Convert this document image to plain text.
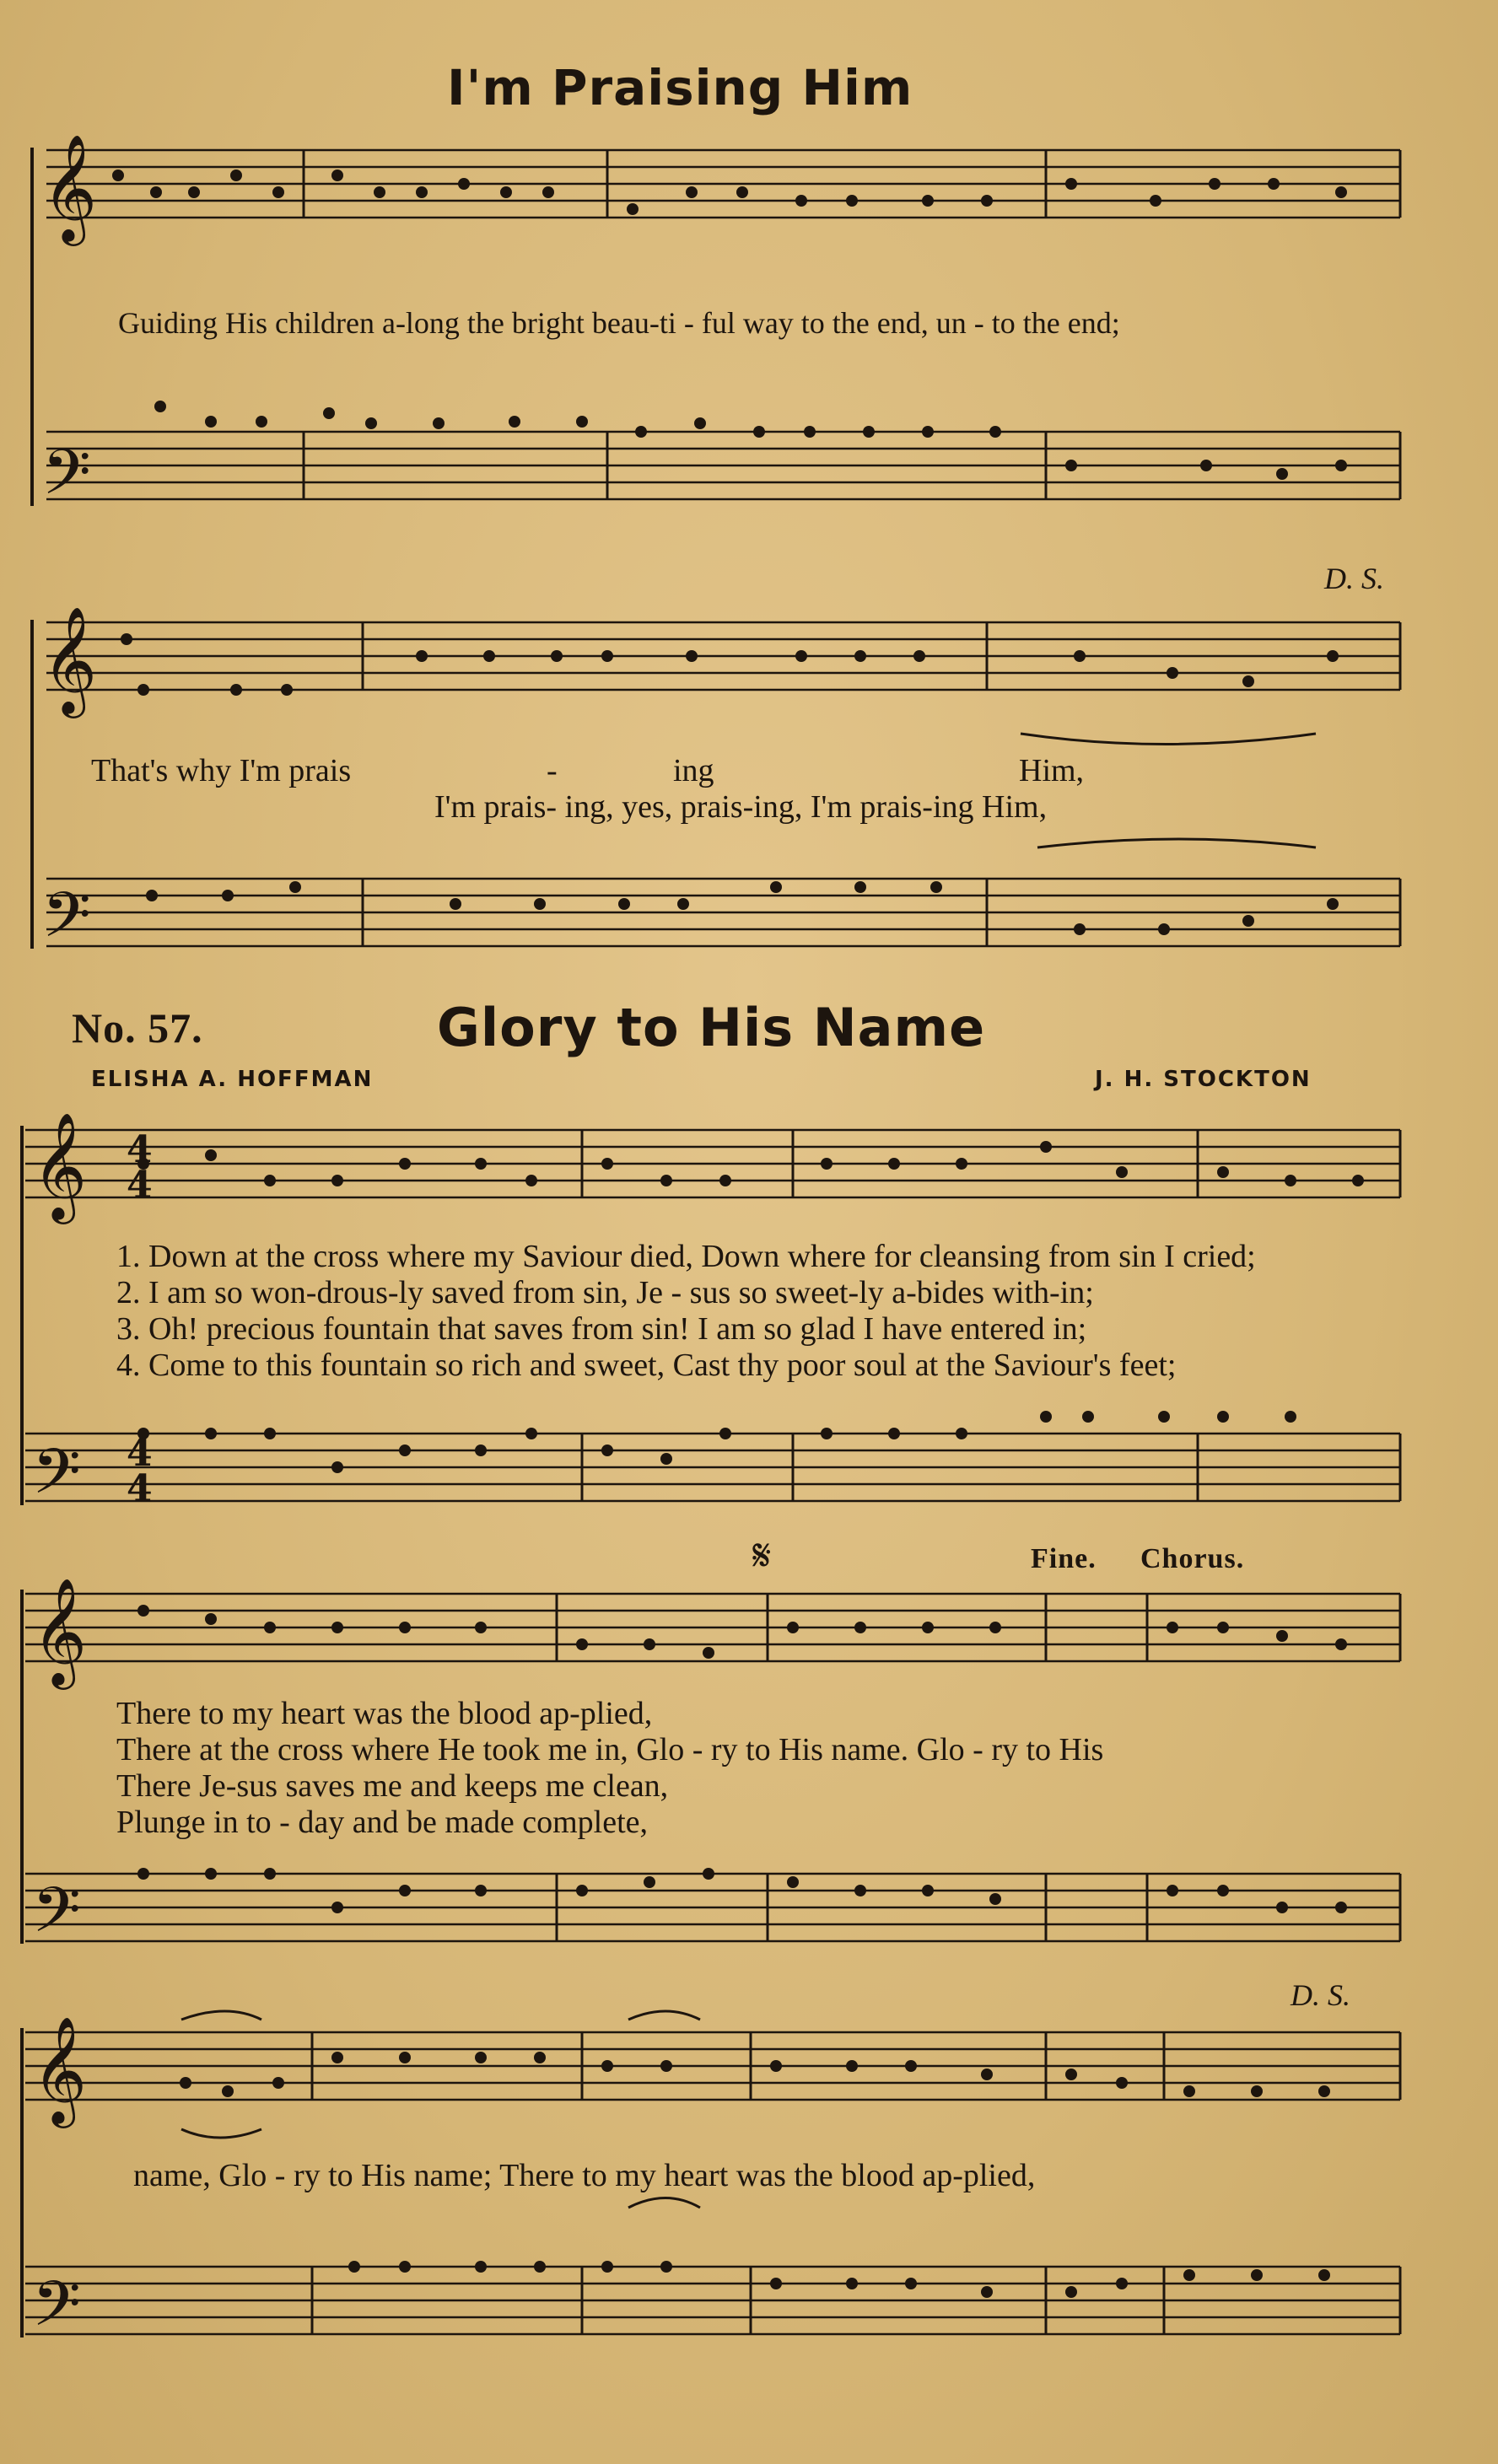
I'm Praising Him
𝄞
𝄢
𝄞
𝄢
𝄞
𝄢
𝄞
𝄢
𝄞
𝄢
4
4
4
4
Guiding His children a-long the bright beau-ti - ful way to the end, un - to the end;
D. S.
That's why I'm prais	-	ing	Him,
I'm prais- ing, yes, prais-ing, I'm prais-ing Him,
No. 57.	Glory to His Name
ELISHA A. HOFFMAN	J. H. STOCKTON
1. Down at the cross where my Saviour died, Down where for cleansing from sin I cried;
2. I am so won-drous-ly saved from sin, Je - sus so sweet-ly a-bides with-in;
3. Oh! precious fountain that saves from sin! I am so glad I have entered in;
4. Come to this fountain so rich and sweet, Cast thy poor soul at the Saviour's feet;
𝄋	Fine. Chorus.
There to my heart was the blood ap-plied,
There at the cross where He took me in, Glo - ry to His name. Glo - ry to His
There Je-sus saves me and keeps me clean,
Plunge in to - day and be made complete,
D. S.
name, Glo - ry to His name; There to my heart was the blood ap-plied,
